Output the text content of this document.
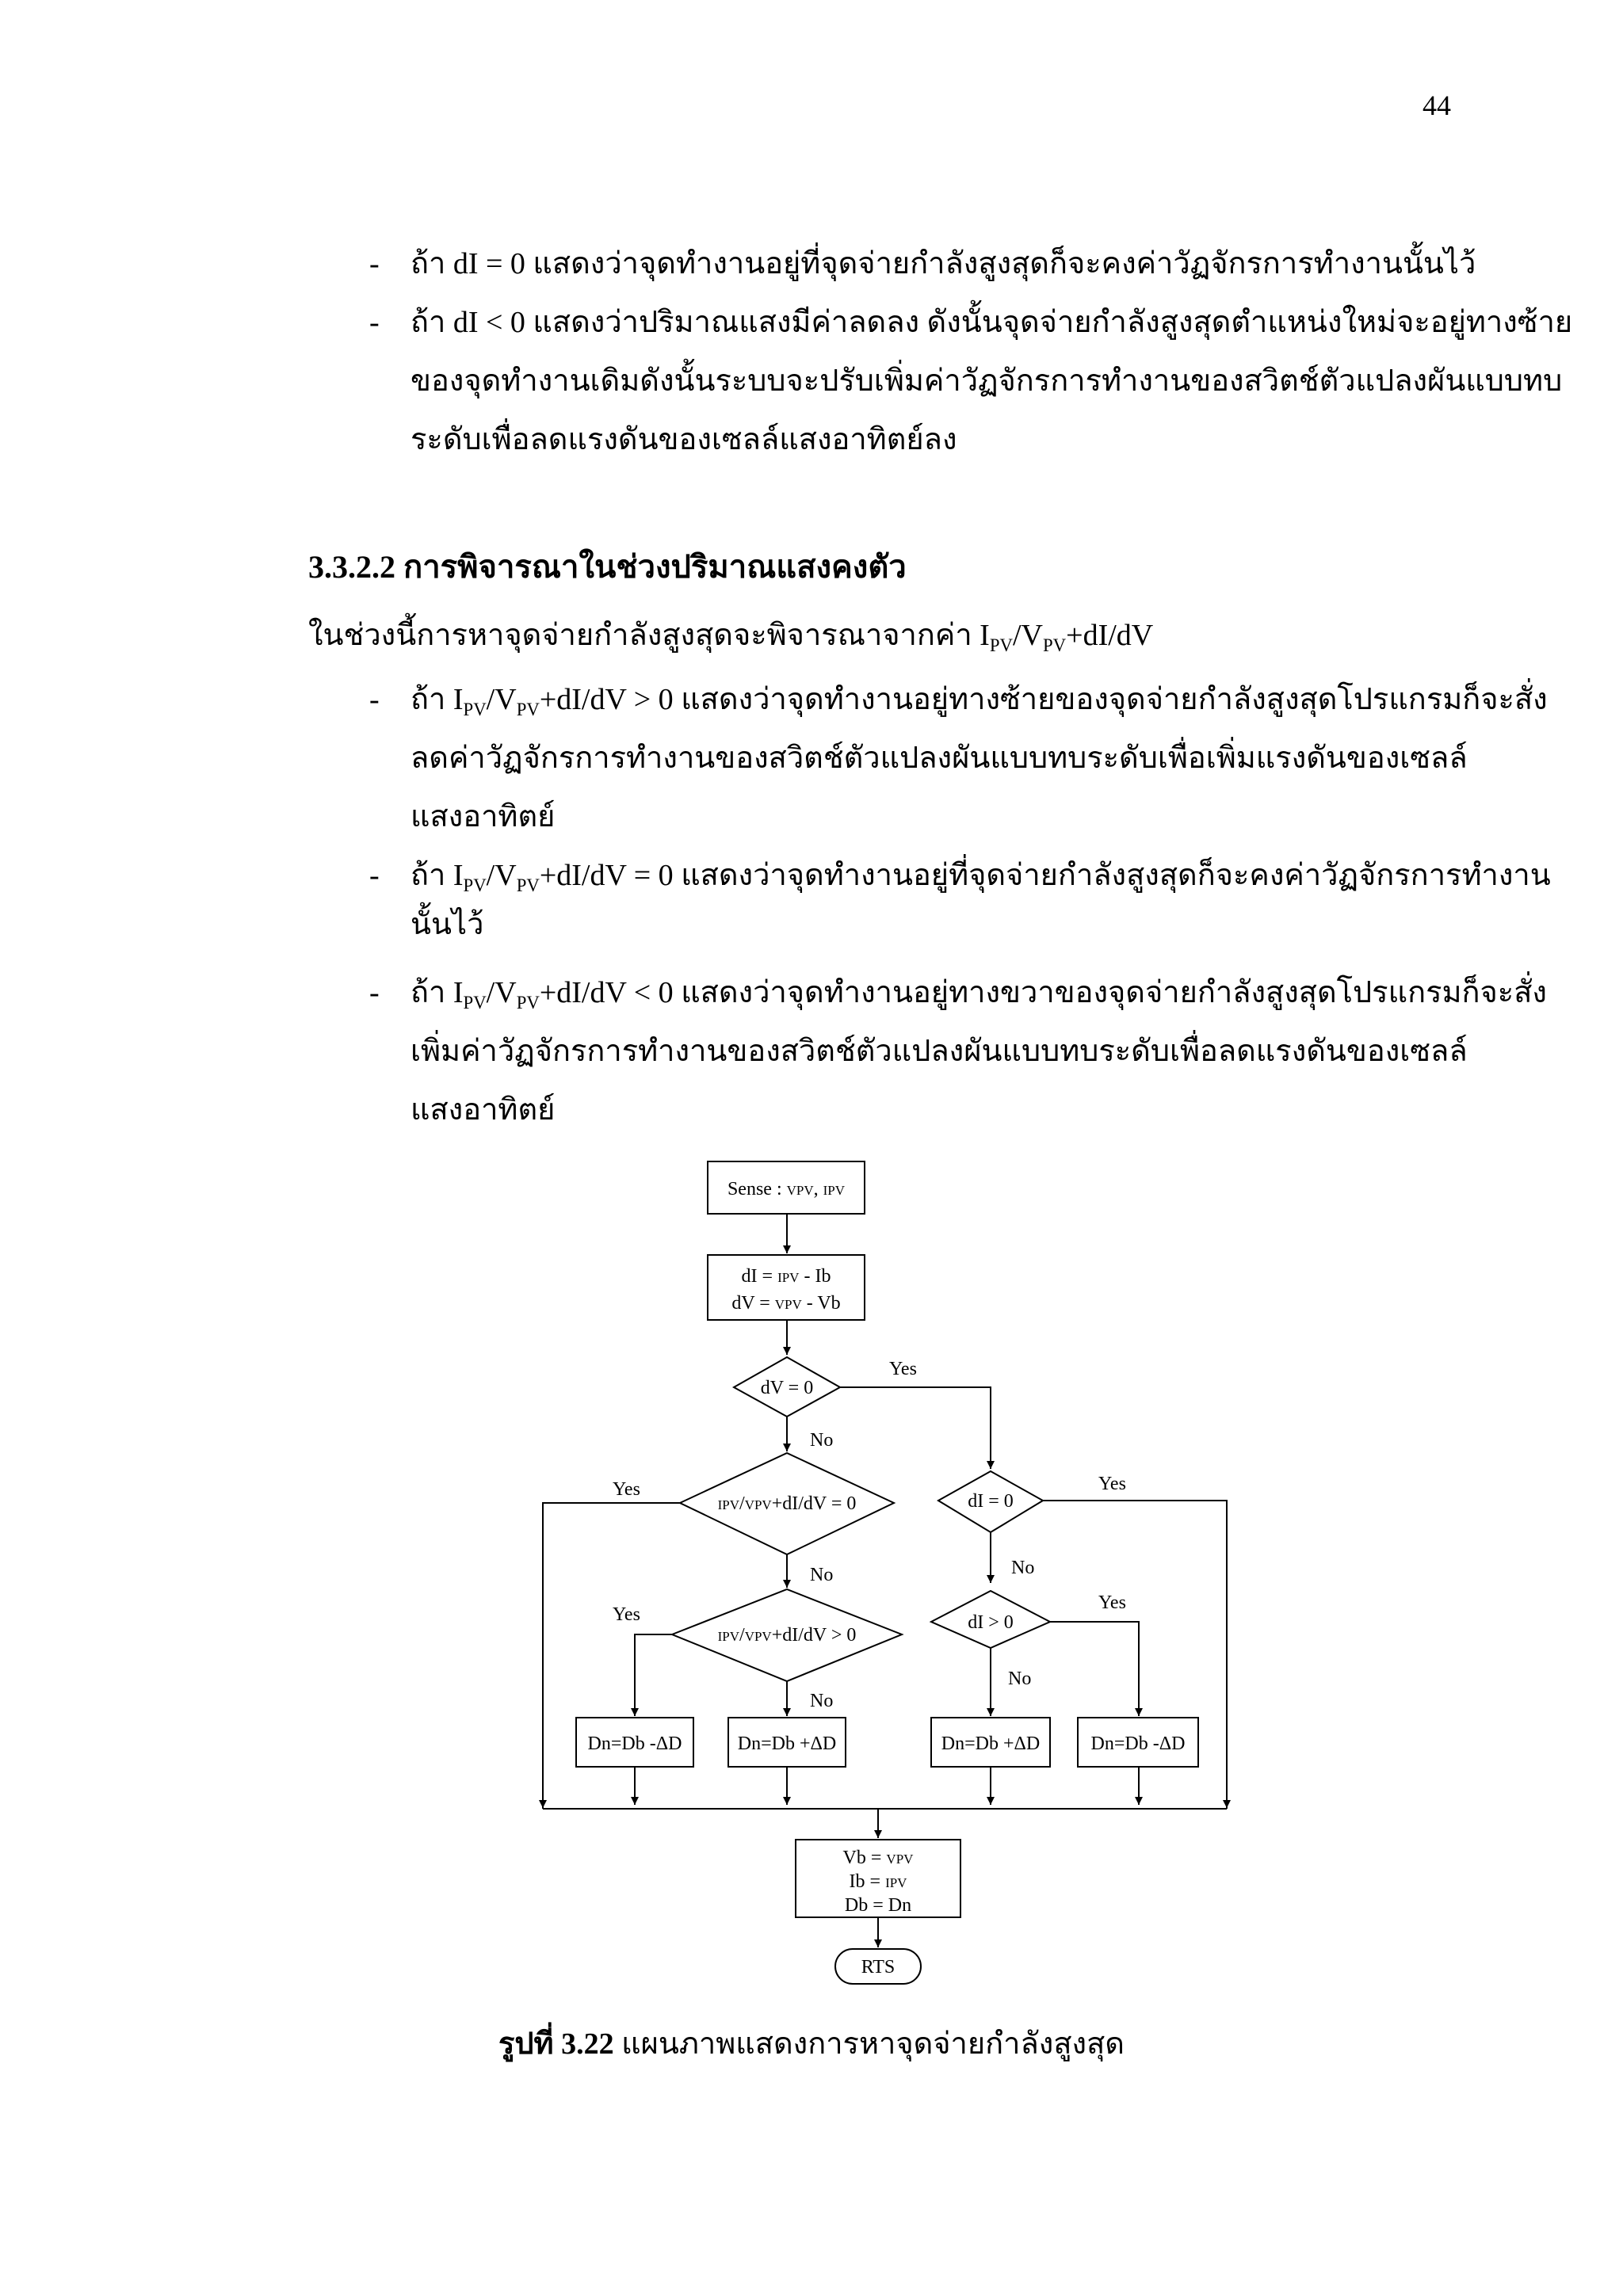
44
- ถ้า dI = 0 แสดงว่าจุดทำงานอยู่ที่จุดจ่ายกำลังสูงสุดก็จะคงค่าวัฏจักรการทำงานนั้นไว้
- ถ้า dI < 0 แสดงว่าปริมาณแสงมีค่าลดลง ดังนั้นจุดจ่ายกำลังสูงสุดตำแหน่งใหม่จะอยู่ทางซ้าย
ของจุดทำงานเดิมดังนั้นระบบจะปรับเพิ่มค่าวัฏจักรการทำงานของสวิตช์ตัวแปลงผันแบบทบ
ระดับเพื่อลดแรงดันของเซลล์แสงอาทิตย์ลง
3.3.2.2 การพิจารณาในช่วงปริมาณแสงคงตัว
ในช่วงนี้การหาจุดจ่ายกำลังสูงสุดจะพิจารณาจากค่า $I_{PV}/V_{PV}+dI/dV$
- ถ้า $I_{PV}/V_{PV}+dI/dV > 0$ แสดงว่าจุดทำงานอยู่ทางซ้ายของจุดจ่ายกำลังสูงสุดโปรแกรมก็จะสั่ง
ลดค่าวัฏจักรการทำงานของสวิตช์ตัวแปลงผันแบบทบระดับเพื่อเพิ่มแรงดันของเซลล์
แสงอาทิตย์
- ถ้า $I_{PV}/V_{PV}+dI/dV = 0$ แสดงว่าจุดทำงานอยู่ที่จุดจ่ายกำลังสูงสุดก็จะคงค่าวัฏจักรการทำงาน
นั้นไว้
- ถ้า $I_{PV}/V_{PV}+dI/dV < 0$ แสดงว่าจุดทำงานอยู่ทางขวาของจุดจ่ายกำลังสูงสุดโปรแกรมก็จะสั่ง
เพิ่มค่าวัฏจักรการทำงานของสวิตช์ตัวแปลงผันแบบทบระดับเพื่อลดแรงดันของเซลล์
แสงอาทิตย์
Sense : VPV, IPV
dI = IPV - Ib
dV = VPV - Vb
dV = 0
IPV/VPV+dI/dV = 0
IPV/VPV+dI/dV > 0
dI = 0
dI > 0
Dn=Db -ΔD	Dn=Db +ΔD	Dn=Db +ΔD	Dn=Db -ΔD
Vb = VPV
Ib = IPV
Db = Dn
RTS
Yes
No
Yes
No
Yes
No
Yes
No
Yes
No
รูปที่ 3.22 แผนภาพแสดงการหาจุดจ่ายกำลังสูงสุด
